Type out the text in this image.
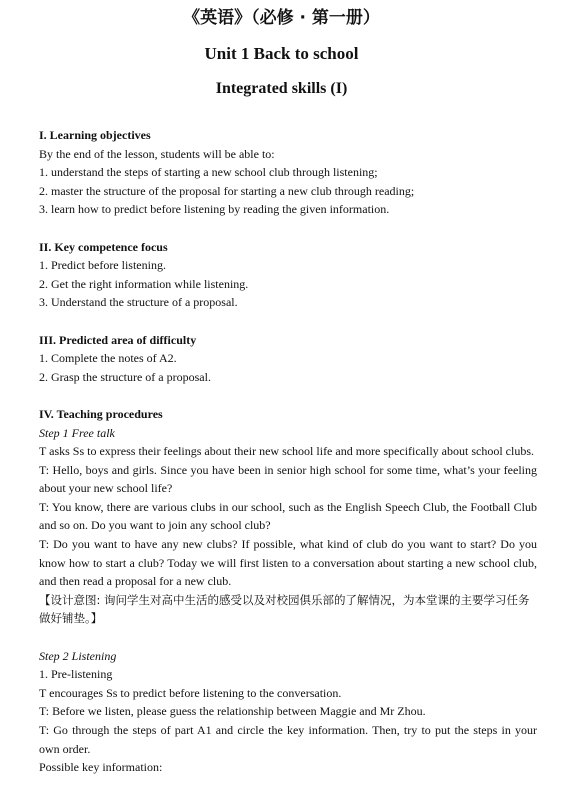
《英语》（必修 · 第一册）
Unit 1 Back to school
Integrated skills (I)

I. Learning objectives

By the end of the lesson, students will be able to:

1. understand the steps of starting a new school club through listening;

2. master the structure of the proposal for starting a new club through reading;

3. learn how to predict before listening by reading the given information.

II. Key competence focus

1. Predict before listening.

2. Get the right information while listening.

3. Understand the structure of a proposal.

III. Predicted area of difficulty

1. Complete the notes of A2.

2. Grasp the structure of a proposal.

IV. Teaching procedures

Step 1 Free talk

T asks Ss to express their feelings about their new school life and more specifically about school clubs.

T: Hello, boys and girls. Since you have been in senior high school for some time, what’s your feeling about your new school life?

T: You know, there are various clubs in our school, such as the English Speech Club, the Football Club and so on. Do you want to join any school club?

T: Do you want to have any new clubs? If possible, what kind of club do you want to start? Do you know how to start a club? Today we will first listen to a conversation about starting a new school club, and then read a proposal for a new club.

【设计意图: 询问学生对高中生活的感受以及对校园俱乐部的了解情况，为本堂课的主要学习任务做好铺垫。】

Step 2 Listening

1. Pre-listening

T encourages Ss to predict before listening to the conversation.

T: Before we listen, please guess the relationship between Maggie and Mr Zhou.

T: Go through the steps of part A1 and circle the key information. Then, try to put the steps in your own order.

Possible key information:
